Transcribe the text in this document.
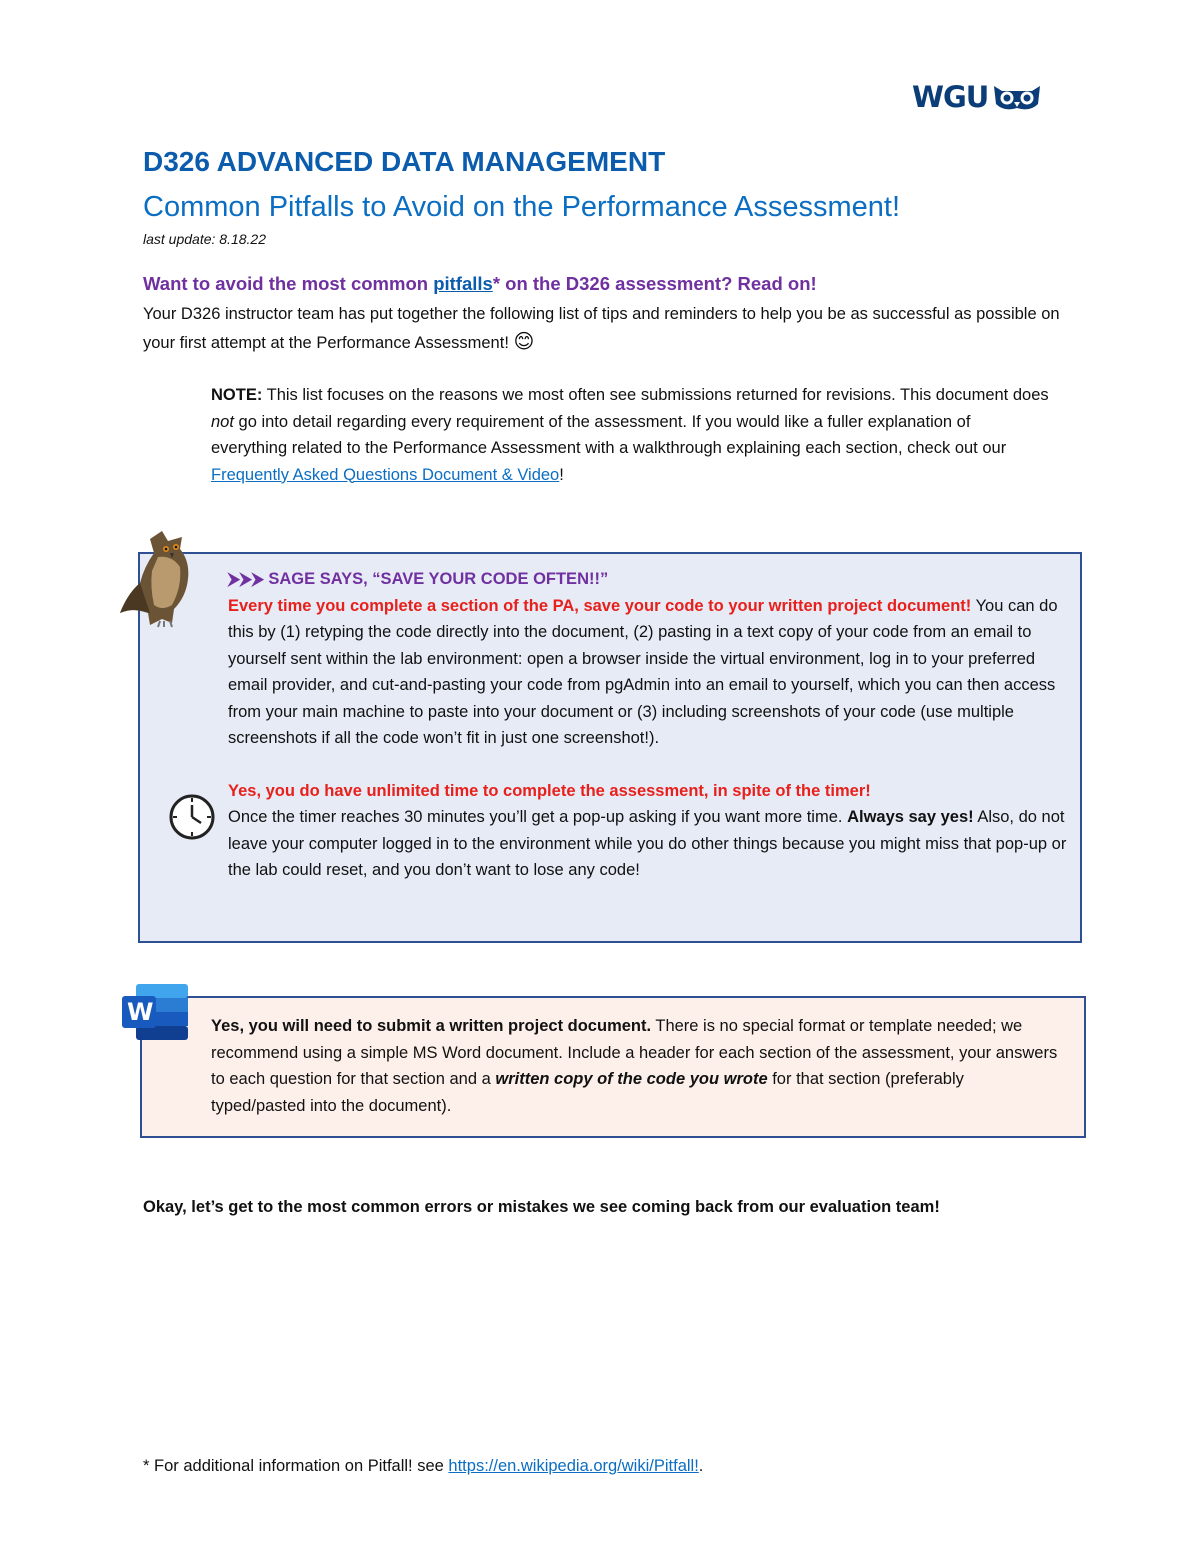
WGU
D326 ADVANCED DATA MANAGEMENT
Common Pitfalls to Avoid on the Performance Assessment!
last update: 8.18.22
Want to avoid the most common pitfalls* on the D326 assessment? Read on!
Your D326 instructor team has put together the following list of tips and reminders to help you be as successful as possible on your first attempt at the Performance Assessment! 😊
NOTE: This list focuses on the reasons we most often see submissions returned for revisions. This document does not go into detail regarding every requirement of the assessment. If you would like a fuller explanation of everything related to the Performance Assessment with a walkthrough explaining each section, check out our Frequently Asked Questions Document & Video!

⮞⮞⮞ SAGE SAYS, “SAVE YOUR CODE OFTEN!!”

Every time you complete a section of the PA, save your code to your written project document! You can do this by (1) retyping the code directly into the document, (2) pasting in a text copy of your code from an email to yourself sent within the lab environment: open a browser inside the virtual environment, log in to your preferred email provider, and cut-and-pasting your code from pgAdmin into an email to yourself, which you can then access from your main machine to paste into your document or (3) including screenshots of your code (use multiple screenshots if all the code won’t fit in just one screenshot!).

Yes, you do have unlimited time to complete the assessment, in spite of the timer!
Once the timer reaches 30 minutes you’ll get a pop-up asking if you want more time. Always say yes! Also, do not leave your computer logged in to the environment while you do other things because you might miss that pop-up or the lab could reset, and you don’t want to lose any code!

W	Yes, you will need to submit a written project document. There is no special format or template needed; we recommend using a simple MS Word document. Include a header for each section of the assessment, your answers to each question for that section and a written copy of the code you wrote for that section (preferably typed/pasted into the document).
Okay, let’s get to the most common errors or mistakes we see coming back from our evaluation team!
* For additional information on Pitfall! see https://en.wikipedia.org/wiki/Pitfall!.
